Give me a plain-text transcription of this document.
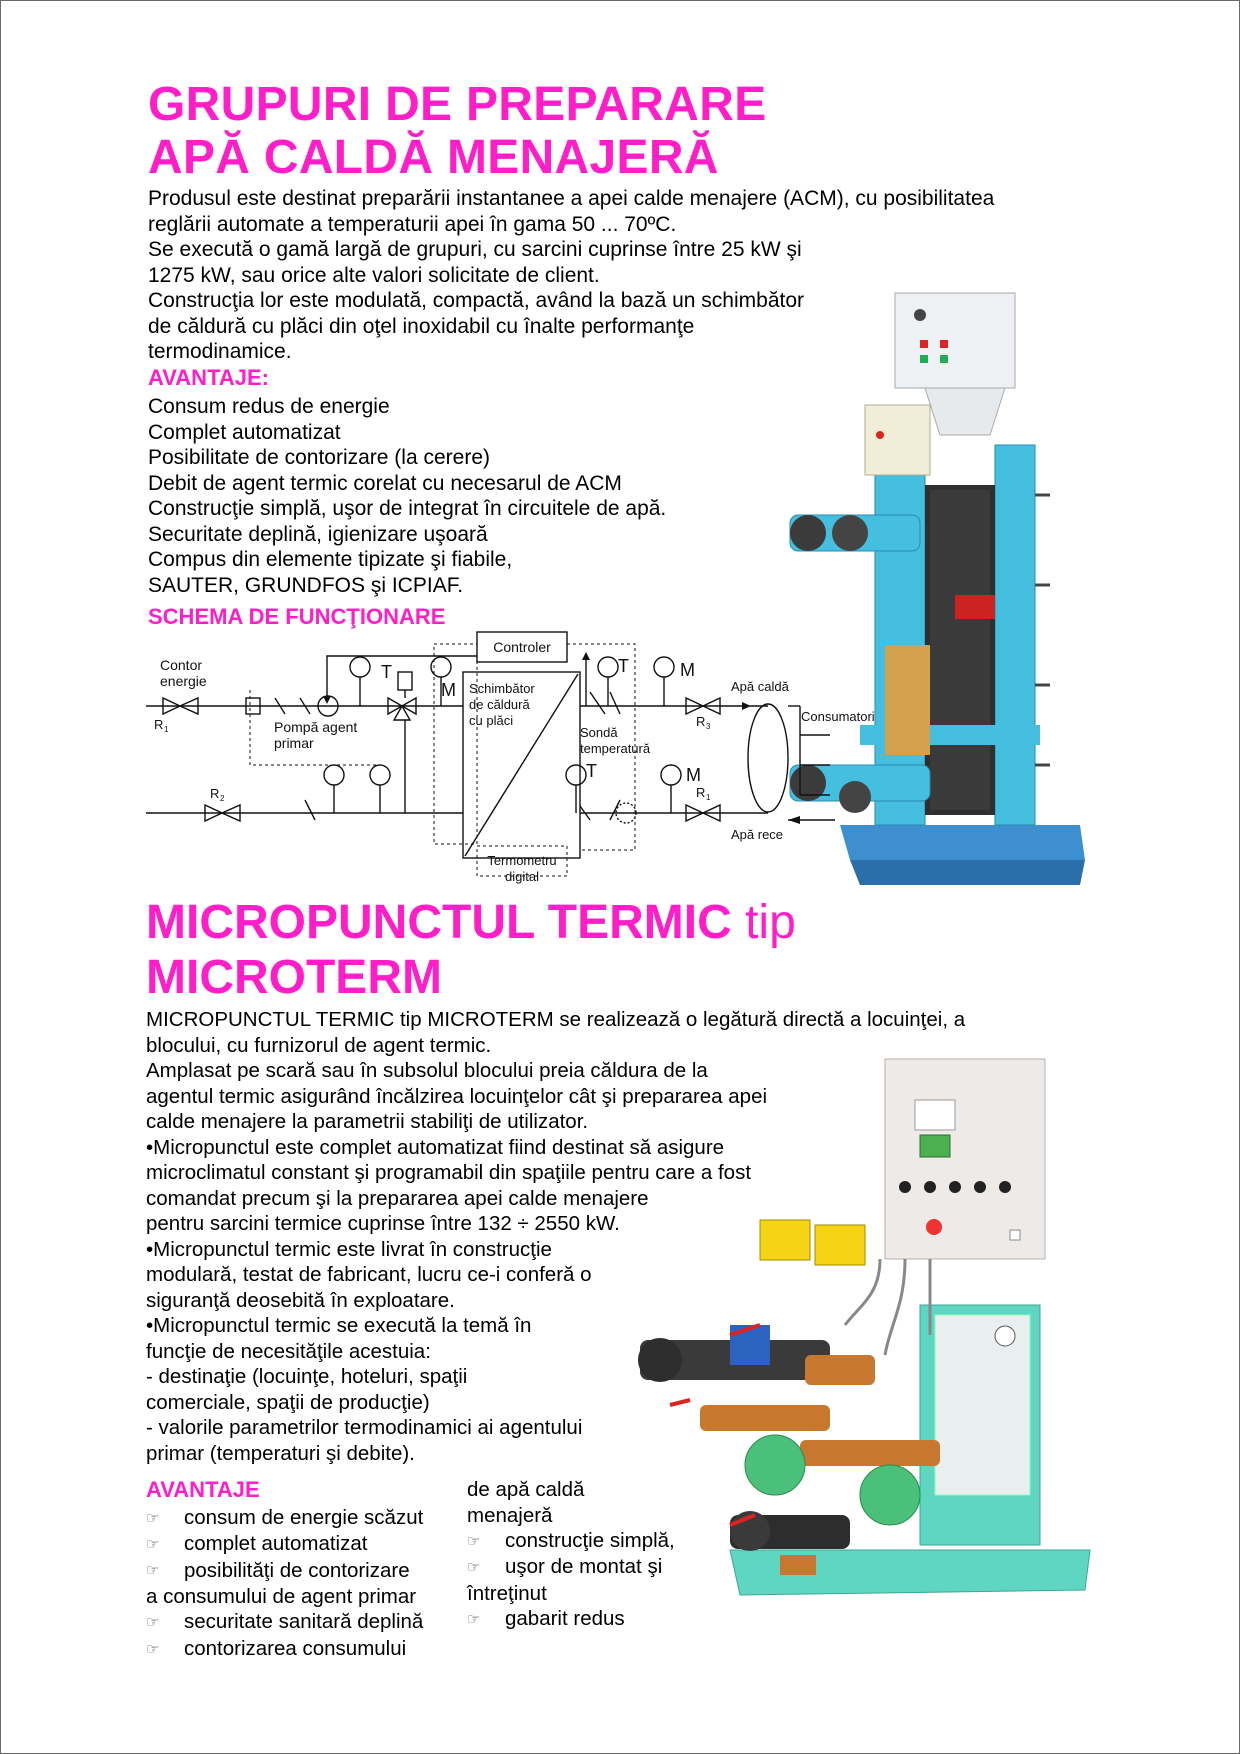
GRUPURI DE PREPARARE
APĂ CALDĂ MENAJERĂ

Produsul este destinat preparării instantanee a apei calde menajere (ACM), cu posibilitatea

reglării automate a temperaturii apei în gama 50 ... 70ºC.

Se execută o gamă largă de grupuri, cu sarcini cuprinse între 25 kW şi

1275 kW, sau orice alte valori solicitate de client.

Construcţia lor este modulată, compactă, având la bază un schimbător

de căldură cu plăci din oţel inoxidabil cu înalte performanţe

termodinamice.

AVANTAJE:

Consum redus de energie

Complet automatizat

Posibilitate de contorizare (la cerere)

Debit de agent termic corelat cu necesarul de ACM

Construcţie simplă, uşor de integrat în circuitele de apă.

Securitate deplină, igienizare uşoară

Compus din elemente tipizate şi fiabile,

SAUTER, GRUNDFOS şi ICPIAF.

SCHEMA DE FUNCŢIONARE
Contor
energie
R 1
R 2
Pompă agent
primar
Controler
Schimbător
de căldură
cu plăci
Sondă
temperatură
Termometru
digital
Apă caldă
Apă rece
Consumatori
R 3
R 1
T
M
T	M
T	M
MICROPUNCTUL TERMIC tip
MICROTERM

MICROPUNCTUL TERMIC tip MICROTERM se realizează o legătură directă a locuinţei, a

blocului, cu furnizorul de agent termic.

Amplasat pe scară sau în subsolul blocului preia căldura de la

agentul termic asigurând încălzirea locuinţelor cât şi prepararea apei

calde menajere la parametrii stabiliţi de utilizator.

•Micropunctul este complet automatizat fiind destinat să asigure

microclimatul constant şi programabil din spaţiile pentru care a fost

comandat precum şi la prepararea apei calde menajere

pentru sarcini termice cuprinse între 132 ÷ 2550 kW.

•Micropunctul termic este livrat în construcţie

modulară, testat de fabricant, lucru ce-i conferă o

siguranţă deosebită în exploatare.

•Micropunctul termic se execută la temă în

funcţie de necesităţile acestuia:

- destinaţie (locuinţe, hoteluri, spaţii

comerciale, spaţii de producţie)

- valorile parametrilor termodinamici ai agentului

primar (temperaturi şi debite).

AVANTAJE
☞ consum de energie scăzut
☞ complet automatizat
☞ posibilităţi de contorizare
a consumului de agent primar
☞ securitate sanitară deplină
☞ contorizarea consumului
de apă caldă
menajeră
☞ construcţie simplă,
☞ uşor de montat şi
întreţinut
☞ gabarit redus
